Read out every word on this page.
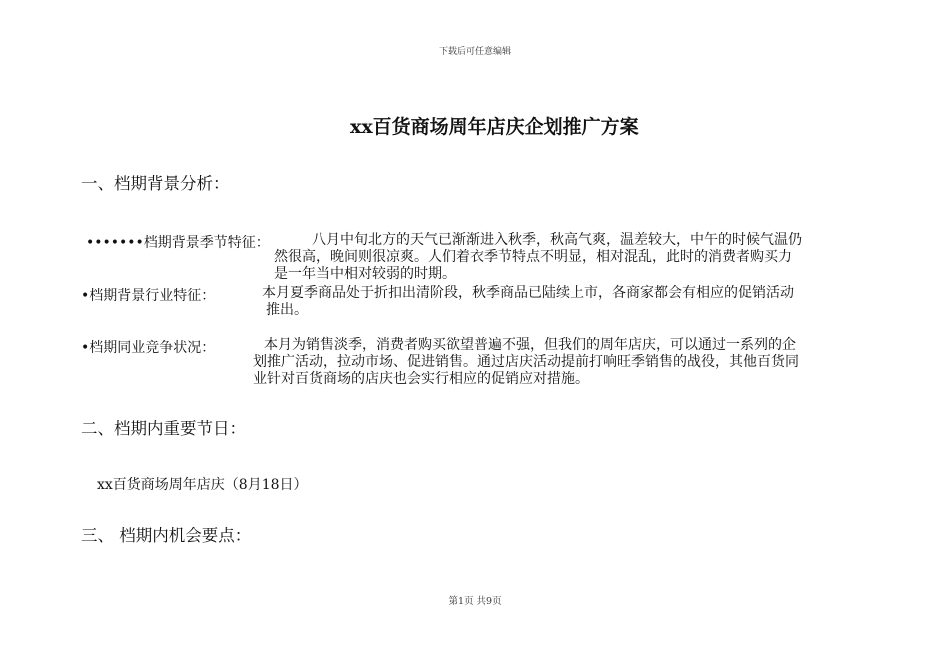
下载后可任意编辑
xx百货商场周年店庆企划推广方案
一、档期背景分析：
•••••••档期背景季节特征：	八月中旬北方的天气已渐渐进入秋季，秋高气爽，温差较大，中午的时候气温仍
然很高，晚间则很凉爽。人们着衣季节特点不明显，相对混乱，此时的消费者购买力
是一年当中相对较弱的时期。
•档期背景行业特征：	本月夏季商品处于折扣出清阶段，秋季商品已陆续上市，各商家都会有相应的促销活动
推出。
•档期同业竞争状况：	本月为销售淡季，消费者购买欲望普遍不强，但我们的周年店庆，可以通过一系列的企
划推广活动，拉动市场、促进销售。通过店庆活动提前打响旺季销售的战役，其他百货同
业针对百货商场的店庆也会实行相应的促销应对措施。
二、档期内重要节日：
xx百货商场周年店庆（8月18日）
三、 档期内机会要点：
第1页 共9页
